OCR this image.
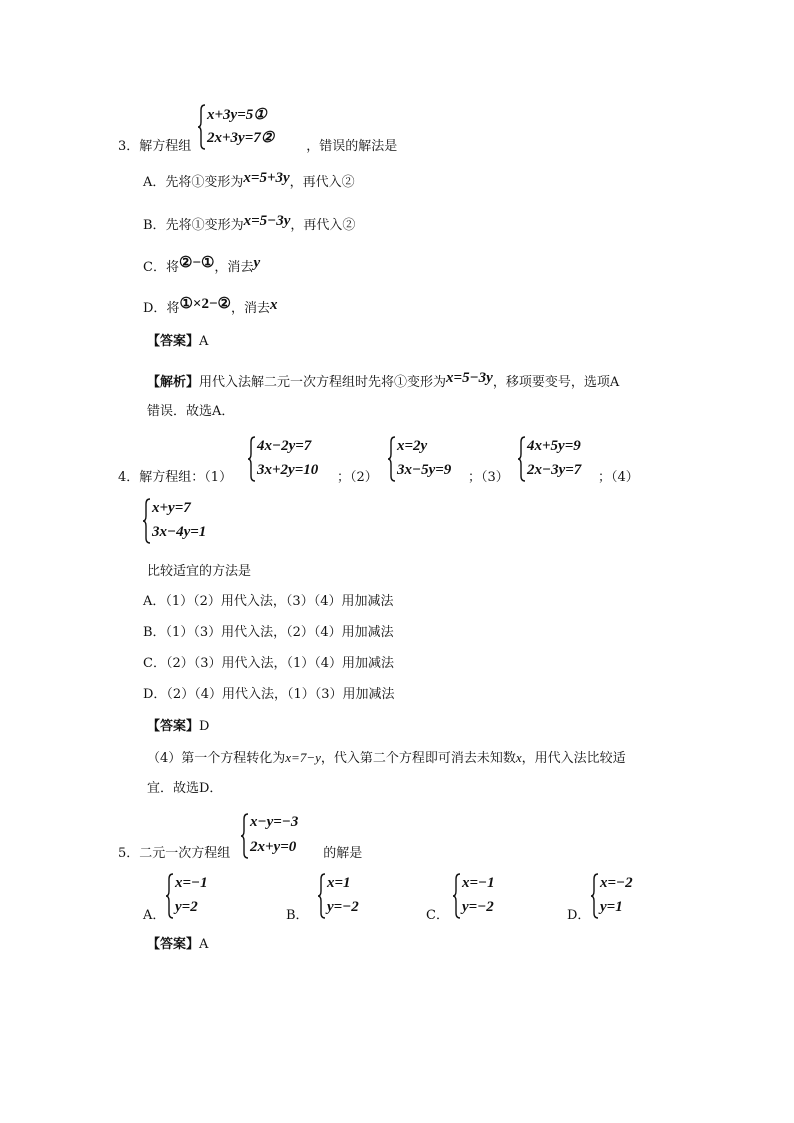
x+3y=5①
2x+3y=7②
3．解方程组	，错误的解法是
A．先将①变形为x=5+3y，再代入②
B．先将①变形为x=5−3y，再代入②
C．将②−①，消去y
D．将①×2−②，消去x
【答案】A
【解析】用代入法解二元一次方程组时先将①变形为x=5−3y，移项要变号，选项A
错误．故选A．
4．解方程组：（1）
4x−2y=7
3x+2y=10 ；（2）
x=2y
3x−5y=9 ；（3）
4x+5y=9
2x−3y=7 ；（4）
x+y=7
3x−4y=1
比较适宜的方法是
A．（1）（2）用代入法，（3）（4）用加减法
B．（1）（3）用代入法，（2）（4）用加减法
C．（2）（3）用代入法，（1）（4）用加减法
D．（2）（4）用代入法，（1）（3）用加减法
【答案】D
（4）第一个方程转化为x=7−y，代入第二个方程即可消去未知数x，用代入法比较适
宜．故选D．
x−y=−3
2x+y=0
5．二元一次方程组	的解是
A．
x=−1
y=2
B．
x=1
y=−2
C．
x=−1
y=−2
D．
x=−2
y=1
【答案】A
